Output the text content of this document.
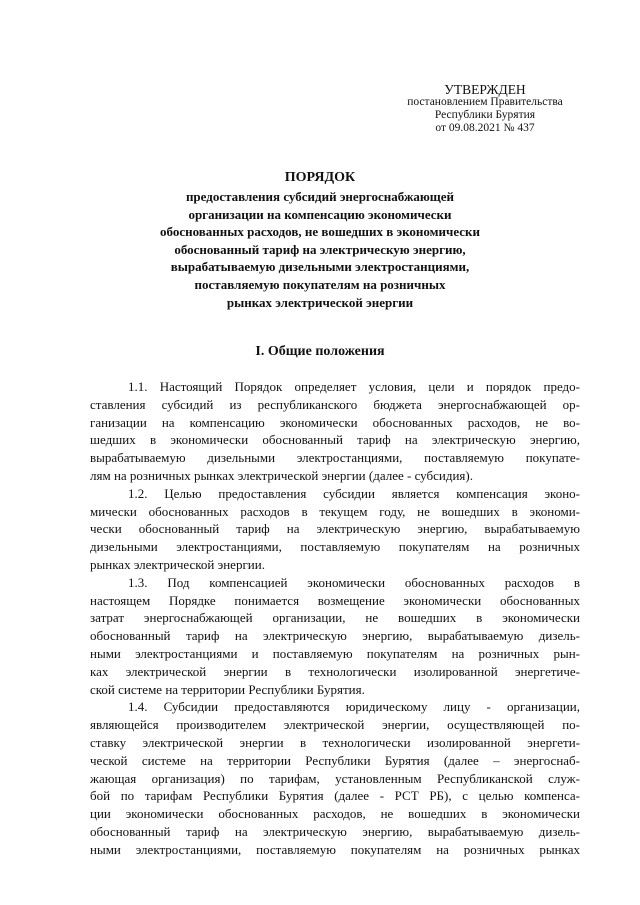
УТВЕРЖДЕН
постановлением Правительства
Республики Бурятия
от 09.08.2021 № 437
ПОРЯДОК
предоставления субсидий энергоснабжающей
организации на компенсацию экономически
обоснованных расходов, не вошедших в экономически
обоснованный тариф на электрическую энергию,
вырабатываемую дизельными электростанциями,
поставляемую покупателям на розничных
рынках электрической энергии
I. Общие положения
1.1. Настоящий Порядок определяет условия, цели и порядок предо-
ставления субсидий из республиканского бюджета энергоснабжающей ор-
ганизации на компенсацию экономически обоснованных расходов, не во-
шедших в экономически обоснованный тариф на электрическую энергию,
вырабатываемую дизельными электростанциями, поставляемую покупате-
лям на розничных рынках электрической энергии (далее - субсидия).
1.2. Целью предоставления субсидии является компенсация эконо-
мически обоснованных расходов в текущем году, не вошедших в экономи-
чески обоснованный тариф на электрическую энергию, вырабатываемую
дизельными электростанциями, поставляемую покупателям на розничных
рынках электрической энергии.
1.3. Под компенсацией экономически обоснованных расходов в
настоящем Порядке понимается возмещение экономически обоснованных
затрат энергоснабжающей организации, не вошедших в экономически
обоснованный тариф на электрическую энергию, вырабатываемую дизель-
ными электростанциями и поставляемую покупателям на розничных рын-
ках электрической энергии в технологически изолированной энергетиче-
ской системе на территории Республики Бурятия.
1.4. Субсидии предоставляются юридическому лицу - организации,
являющейся производителем электрической энергии, осуществляющей по-
ставку электрической энергии в технологически изолированной энергети-
ческой системе на территории Республики Бурятия (далее – энергоснаб-
жающая организация) по тарифам, установленным Республиканской служ-
бой по тарифам Республики Бурятия (далее - РСТ РБ), с целью компенса-
ции экономически обоснованных расходов, не вошедших в экономически
обоснованный тариф на электрическую энергию, вырабатываемую дизель-
ными электростанциями, поставляемую покупателям на розничных рынках
